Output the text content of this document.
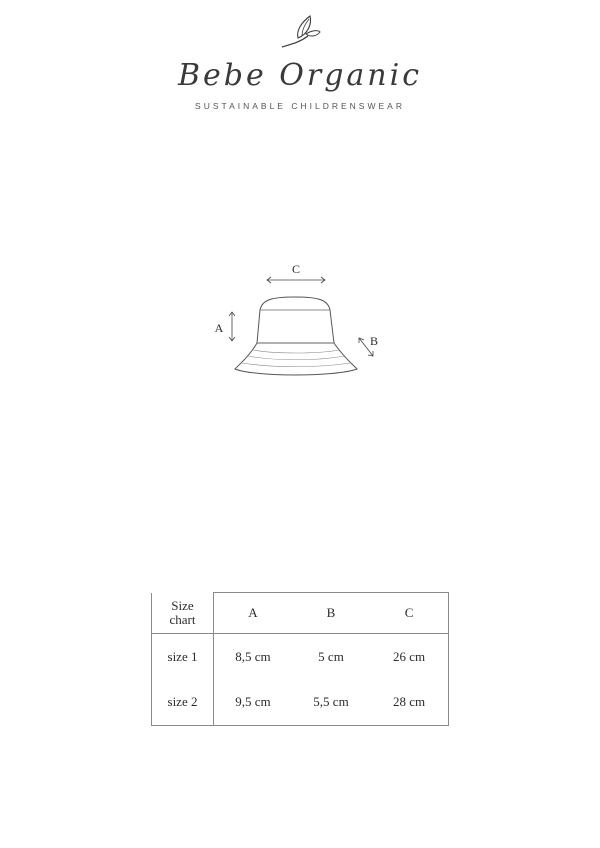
Bebe Organic
SUSTAINABLE CHILDRENSWEAR
C
A
B
Size
chart	A	B	C
size 1	8,5 cm	5 cm	26 cm
size 2	9,5 cm	5,5 cm	28 cm
